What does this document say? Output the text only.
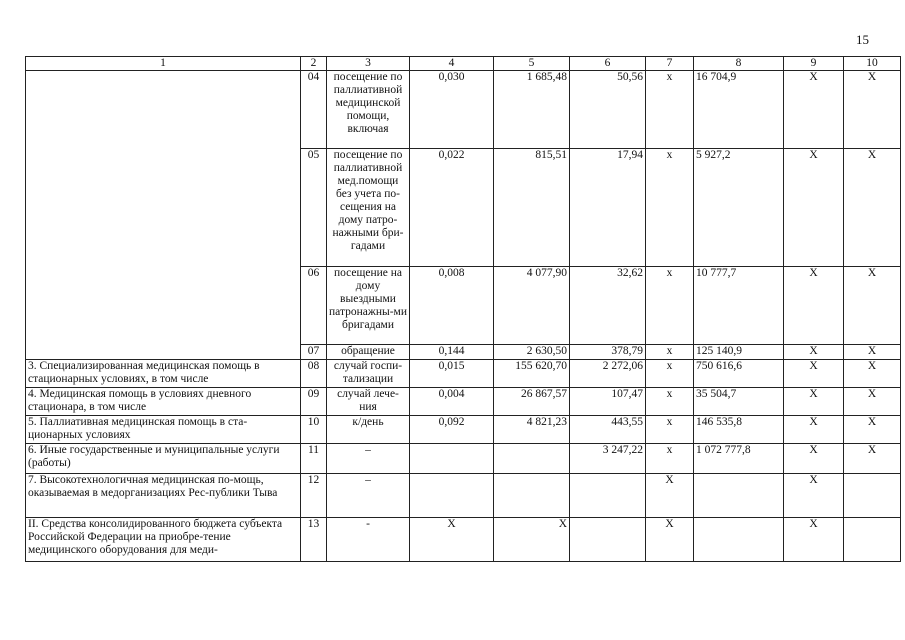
15
1	2	3	4	5	6	7	8	9	10
	04	посещение по паллиативной медицинской помощи, включая	0,030	1 685,48	50,56	x	16 704,9	X	X
	05	посещение по паллиативной мед.помощи без учета по-сещения на дому патро-нажными бри-гадами	0,022	815,51	17,94	x	5 927,2	X	X
	06	посещение на дому выездными патронажны-ми бригадами	0,008	4 077,90	32,62	x	10 777,7	X	X
	07	обращение	0,144	2 630,50	378,79	x	125 140,9	X	X
3. Специализированная медицинская помощь в стационарных условиях, в том числе	08	случай госпи-тализации	0,015	155 620,70	2 272,06	x	750 616,6	X	X
4. Медицинская помощь в условиях дневного стационара, в том числе	09	случай лече-ния	0,004	26 867,57	107,47	x	35 504,7	X	X
5. Паллиативная медицинская помощь в ста-ционарных условиях	10	к/день	0,092	4 821,23	443,55	x	146 535,8	X	X
6. Иные государственные и муниципальные услуги (работы)	11	–			3 247,22	x	1 072 777,8	X	X
7. Высокотехнологичная медицинская по-мощь, оказываемая в медорганизациях Рес-публики Тыва	12	–				X		X	
II. Средства консолидированного бюджета субъекта Российской Федерации на приобре-тение медицинского оборудования для меди-	13	-	X	X		X		X	
